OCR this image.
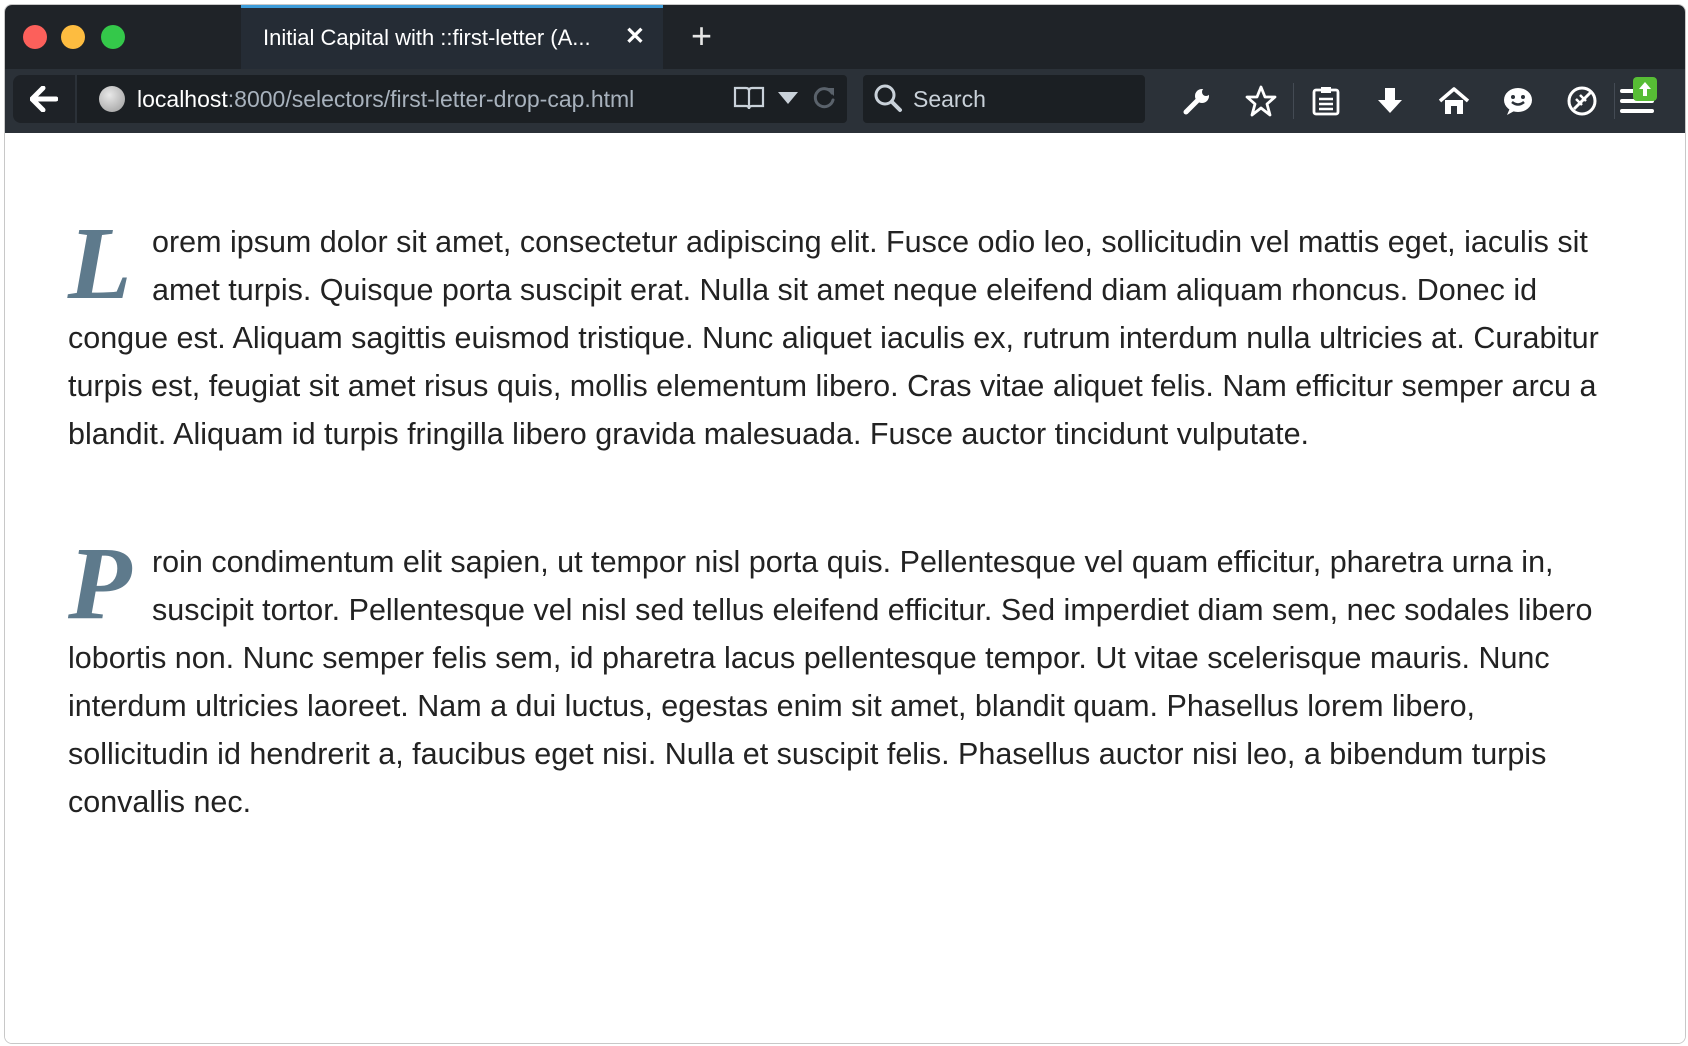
Initial Capital with ::first-letter (A...	✕ +
localhost:8000/selectors/first-letter-drop-cap.html	Search

Lorem ipsum dolor sit amet, consectetur adipiscing elit. Fusce odio leo, sollicitudin vel mattis eget, iaculis sit amet turpis. Quisque porta suscipit erat. Nulla sit amet neque eleifend diam aliquam rhoncus. Donec id congue est. Aliquam sagittis euismod tristique. Nunc aliquet iaculis ex, rutrum interdum nulla ultricies at. Curabitur turpis est, feugiat sit amet risus quis, mollis elementum libero. Cras vitae aliquet felis. Nam efficitur semper arcu a blandit. Aliquam id turpis fringilla libero gravida malesuada. Fusce auctor tincidunt vulputate.

Proin condimentum elit sapien, ut tempor nisl porta quis. Pellentesque vel quam efficitur, pharetra urna in, suscipit tortor. Pellentesque vel nisl sed tellus eleifend efficitur. Sed imperdiet diam sem, nec sodales libero lobortis non. Nunc semper felis sem, id pharetra lacus pellentesque tempor. Ut vitae scelerisque mauris. Nunc interdum ultricies laoreet. Nam a dui luctus, egestas enim sit amet, blandit quam. Phasellus lorem libero, sollicitudin id hendrerit a, faucibus eget nisi. Nulla et suscipit felis. Phasellus auctor nisi leo, a bibendum turpis convallis nec.
